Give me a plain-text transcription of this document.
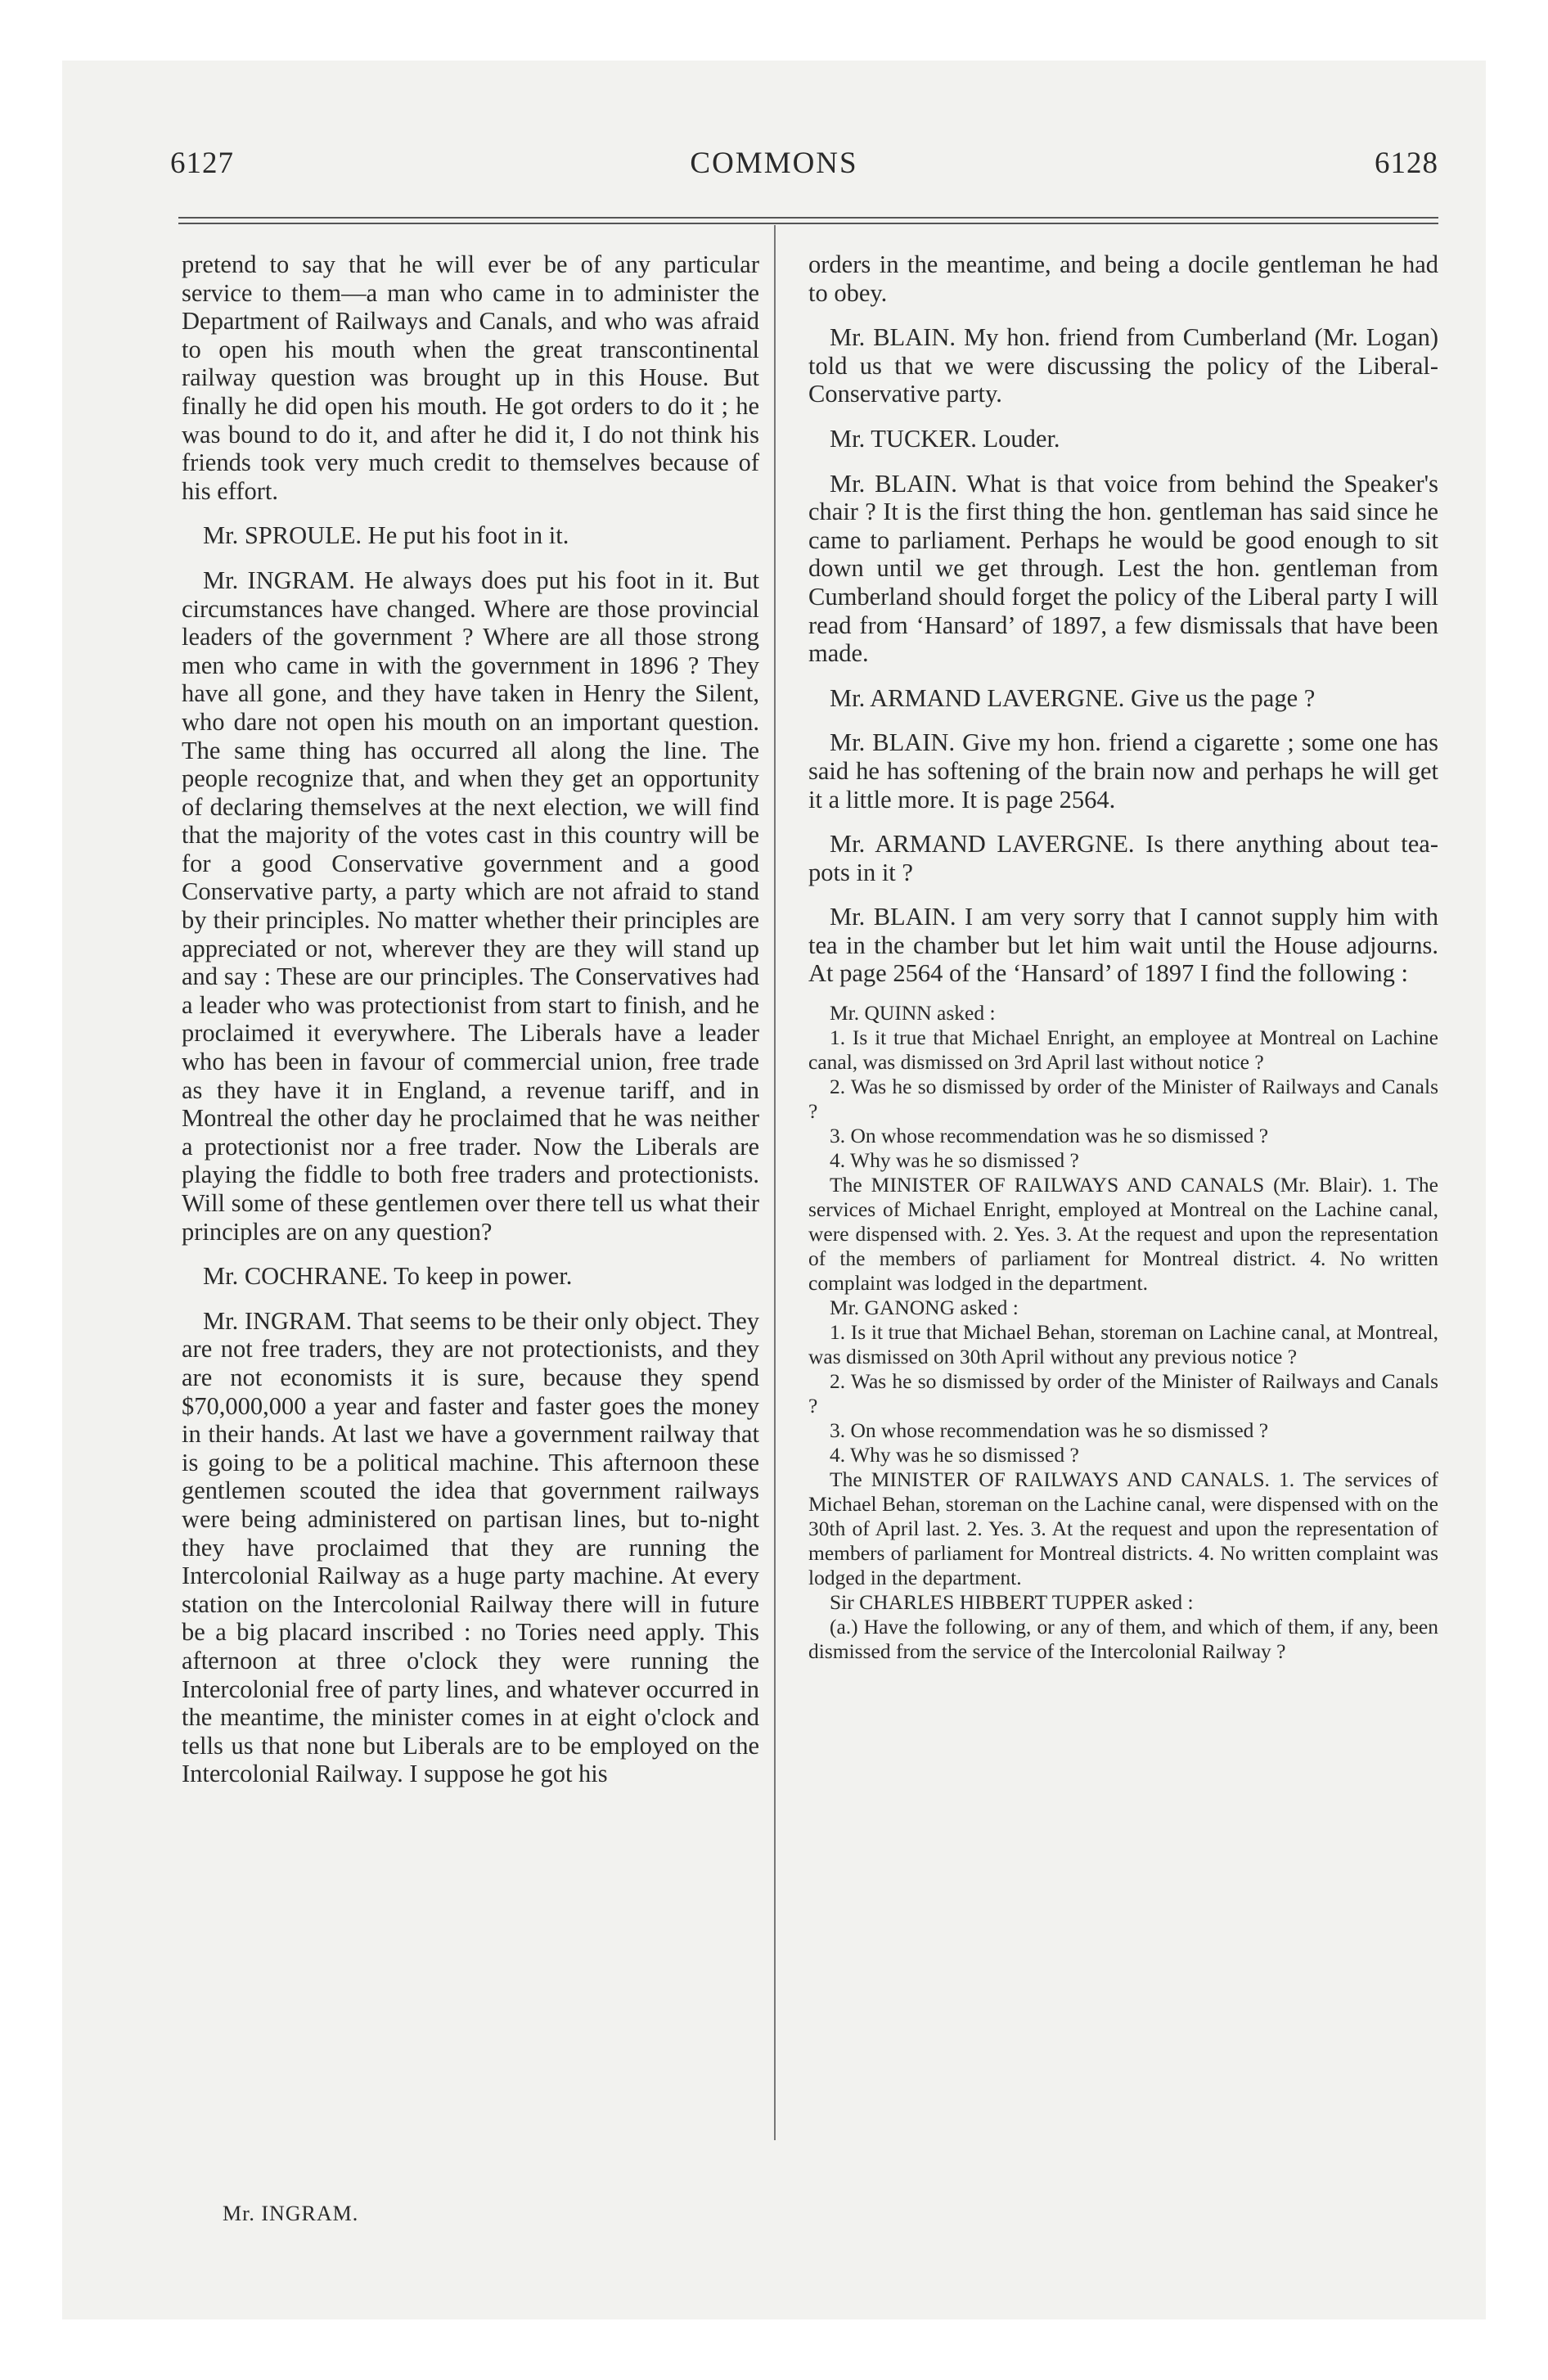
6127	COMMONS	6128

pretend to say that he will ever be of any particular service to them—a man who came in to administer the Department of Railways and Canals, and who was afraid to open his mouth when the great transcontinental railway question was brought up in this House. But finally he did open his mouth. He got orders to do it ; he was bound to do it, and after he did it, I do not think his friends took very much credit to themselves because of his effort.

Mr. SPROULE. He put his foot in it.

Mr. INGRAM. He always does put his foot in it. But circumstances have changed. Where are those provincial leaders of the government ? Where are all those strong men who came in with the government in 1896 ? They have all gone, and they have taken in Henry the Silent, who dare not open his mouth on an important question. The same thing has occurred all along the line. The people recognize that, and when they get an opportunity of declaring themselves at the next election, we will find that the majority of the votes cast in this country will be for a good Conservative government and a good Conservative party, a party which are not afraid to stand by their principles. No matter whether their principles are appreciated or not, wherever they are they will stand up and say : These are our principles. The Conservatives had a leader who was protectionist from start to finish, and he proclaimed it everywhere. The Liberals have a leader who has been in favour of commercial union, free trade as they have it in England, a revenue tariff, and in Montreal the other day he proclaimed that he was neither a protectionist nor a free trader. Now the Liberals are playing the fiddle to both free traders and protectionists. Will some of these gentlemen over there tell us what their principles are on any question?

Mr. COCHRANE. To keep in power.

Mr. INGRAM. That seems to be their only object. They are not free traders, they are not protectionists, and they are not economists it is sure, because they spend $70,000,000 a year and faster and faster goes the money in their hands. At last we have a government railway that is going to be a political machine. This afternoon these gentlemen scouted the idea that government railways were being administered on partisan lines, but to-night they have proclaimed that they are running the Intercolonial Railway as a huge party machine. At every station on the Intercolonial Railway there will in future be a big placard inscribed : no Tories need apply. This afternoon at three o'clock they were running the Intercolonial free of party lines, and whatever occurred in the meantime, the minister comes in at eight o'clock and tells us that none but Liberals are to be employed on the Intercolonial Railway. I suppose he got his

orders in the meantime, and being a docile gentleman he had to obey.

Mr. BLAIN. My hon. friend from Cumberland (Mr. Logan) told us that we were discussing the policy of the Liberal-Conservative party.

Mr. TUCKER. Louder.

Mr. BLAIN. What is that voice from behind the Speaker's chair ? It is the first thing the hon. gentleman has said since he came to parliament. Perhaps he would be good enough to sit down until we get through. Lest the hon. gentleman from Cumberland should forget the policy of the Liberal party I will read from ‘Hansard’ of 1897, a few dismissals that have been made.

Mr. ARMAND LAVERGNE. Give us the page ?

Mr. BLAIN. Give my hon. friend a cigarette ; some one has said he has softening of the brain now and perhaps he will get it a little more. It is page 2564.

Mr. ARMAND LAVERGNE. Is there anything about tea-pots in it ?

Mr. BLAIN. I am very sorry that I cannot supply him with tea in the chamber but let him wait until the House adjourns. At page 2564 of the ‘Hansard’ of 1897 I find the following :

Mr. QUINN asked :

1. Is it true that Michael Enright, an employee at Montreal on Lachine canal, was dismissed on 3rd April last without notice ?

2. Was he so dismissed by order of the Minister of Railways and Canals ?

3. On whose recommendation was he so dismissed ?

4. Why was he so dismissed ?

The MINISTER OF RAILWAYS AND CANALS (Mr. Blair). 1. The services of Michael Enright, employed at Montreal on the Lachine canal, were dispensed with. 2. Yes. 3. At the request and upon the representation of the members of parliament for Montreal district. 4. No written complaint was lodged in the department.

Mr. GANONG asked :

1. Is it true that Michael Behan, storeman on Lachine canal, at Montreal, was dismissed on 30th April without any previous notice ?

2. Was he so dismissed by order of the Minister of Railways and Canals ?

3. On whose recommendation was he so dismissed ?

4. Why was he so dismissed ?

The MINISTER OF RAILWAYS AND CANALS. 1. The services of Michael Behan, storeman on the Lachine canal, were dispensed with on the 30th of April last. 2. Yes. 3. At the request and upon the representation of members of parliament for Montreal districts. 4. No written complaint was lodged in the department.

Sir CHARLES HIBBERT TUPPER asked :

(a.) Have the following, or any of them, and which of them, if any, been dismissed from the service of the Intercolonial Railway ?

Mr. INGRAM.
